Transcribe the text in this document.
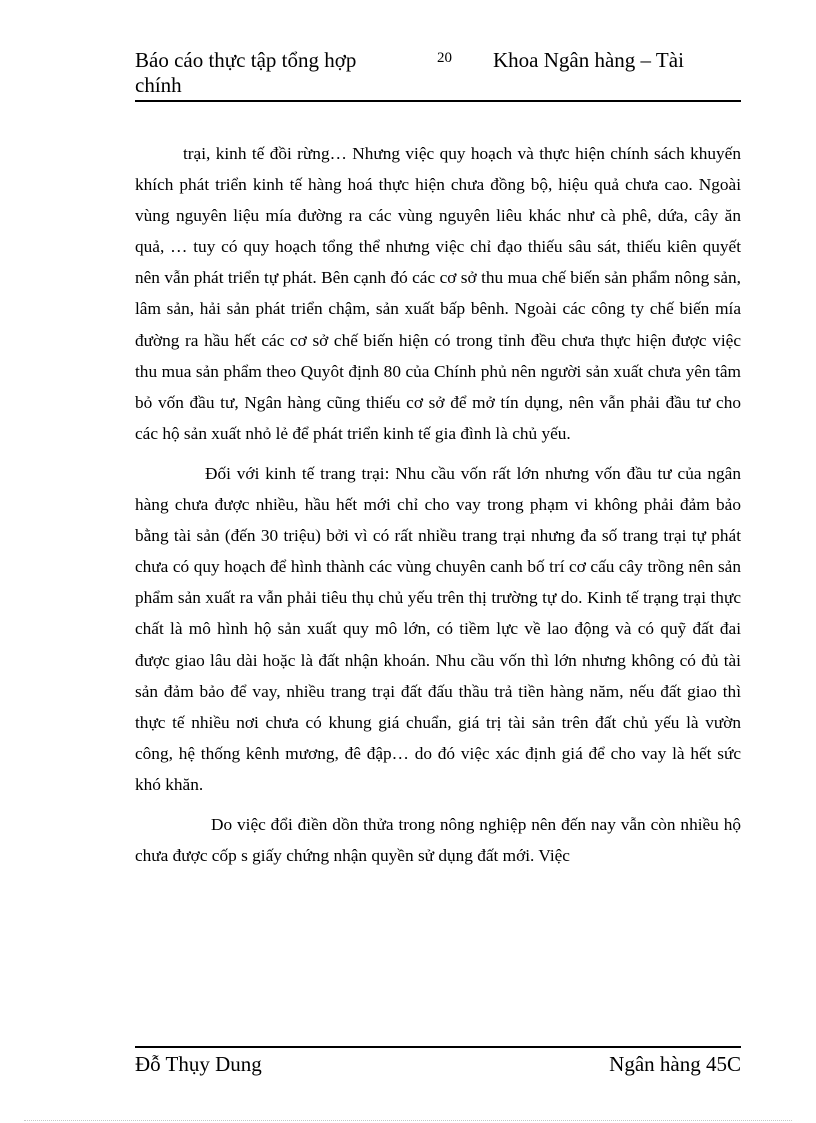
Báo cáo thực tập tổng hợp chính
20 Khoa Ngân hàng – Tài

trại, kinh tế đồi rừng… Nhưng việc quy hoạch và thực hiện chính sách khuyến khích phát triển kinh tế hàng hoá thực hiện chưa đồng bộ, hiệu quả chưa cao. Ngoài vùng nguyên liệu mía đường ra các vùng nguyên liêu khác như cà phê, dứa, cây ăn quả, … tuy có quy hoạch tổng thể nhưng việc chỉ đạo thiếu sâu sát, thiếu kiên quyết nên vẫn phát triển tự phát. Bên cạnh đó các cơ sở thu mua chế biến sản phẩm nông sản, lâm sản, hải sản phát triển chậm, sản xuất bấp bênh. Ngoài các công ty chế biến mía đường ra hầu hết các cơ sở chế biến hiện có trong tỉnh đều chưa thực hiện được việc thu mua sản phẩm theo Quyôt định 80 của Chính phủ nên người sản xuất chưa yên tâm bỏ vốn đầu tư, Ngân hàng cũng thiếu cơ sở để mở tín dụng, nên vẫn phải đầu tư cho các hộ sản xuất nhỏ lẻ để phát triển kinh tế gia đình là chủ yếu.

Đối với kinh tế trang trại: Nhu cầu vốn rất lớn nhưng vốn đầu tư của ngân hàng chưa được nhiều, hầu hết mới chỉ cho vay trong phạm vi không phải đảm bảo bằng tài sản (đến 30 triệu) bởi vì có rất nhiều trang trại nhưng đa số trang trại tự phát chưa có quy hoạch để hình thành các vùng chuyên canh bố trí cơ cấu cây trồng nên sản phẩm sản xuất ra vẫn phải tiêu thụ chủ yếu trên thị trường tự do. Kinh tế trạng trại thực chất là mô hình hộ sản xuất quy mô lớn, có tiềm lực về lao động và có quỹ đất đai được giao lâu dài hoặc là đất nhận khoán. Nhu cầu vốn thì lớn nhưng không có đủ tài sản đảm bảo để vay, nhiều trang trại đất đấu thầu trả tiền hàng năm, nếu đất giao thì thực tế nhiều nơi chưa có khung giá chuẩn, giá trị tài sản trên đất chủ yếu là vườn công, hệ thống kênh mương, đê đập… do đó việc xác định giá để cho vay là hết sức khó khăn.

Do việc đổi điền dồn thửa trong nông nghiệp nên đến nay vẫn còn nhiều hộ chưa được cốp s giấy chứng nhận quyền sử dụng đất mới. Việc

Đỗ Thụy Dung	Ngân hàng 45C
